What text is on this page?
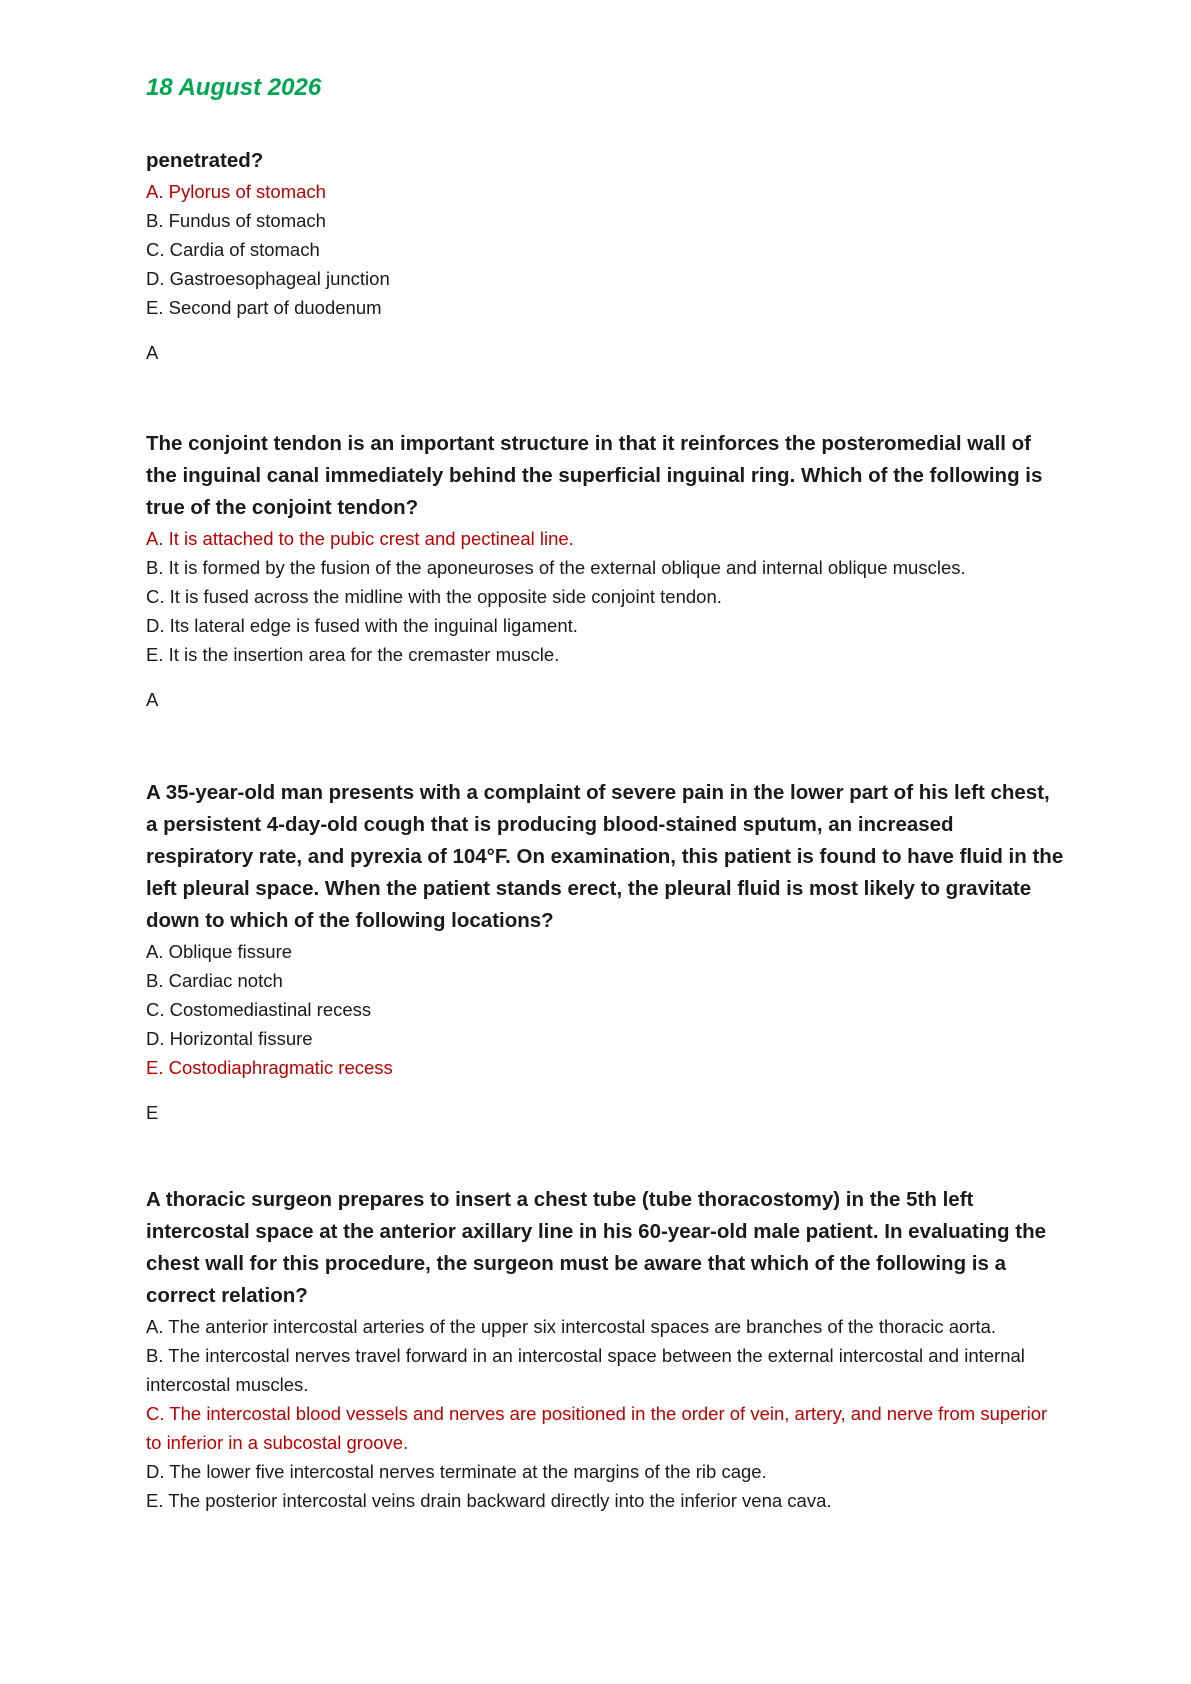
18 August 2026

penetrated?

A. Pylorus of stomach

B. Fundus of stomach

C. Cardia of stomach

D. Gastroesophageal junction

E. Second part of duodenum

A

The conjoint tendon is an important structure in that it reinforces the posteromedial wall of the inguinal canal immediately behind the superficial inguinal ring. Which of the following is true of the conjoint tendon?

A. It is attached to the pubic crest and pectineal line.

B. It is formed by the fusion of the aponeuroses of the external oblique and internal oblique muscles.

C. It is fused across the midline with the opposite side conjoint tendon.

D. Its lateral edge is fused with the inguinal ligament.

E. It is the insertion area for the cremaster muscle.

A

A 35-year-old man presents with a complaint of severe pain in the lower part of his left chest, a persistent 4-day-old cough that is producing blood-stained sputum, an increased respiratory rate, and pyrexia of 104°F. On examination, this patient is found to have fluid in the left pleural space. When the patient stands erect, the pleural fluid is most likely to gravitate down to which of the following locations?

A. Oblique fissure

B. Cardiac notch

C. Costomediastinal recess

D. Horizontal fissure

E. Costodiaphragmatic recess

E

A thoracic surgeon prepares to insert a chest tube (tube thoracostomy) in the 5th left intercostal space at the anterior axillary line in his 60-year-old male patient. In evaluating the chest wall for this procedure, the surgeon must be aware that which of the following is a correct relation?

A. The anterior intercostal arteries of the upper six intercostal spaces are branches of the thoracic aorta.

B. The intercostal nerves travel forward in an intercostal space between the external intercostal and internal intercostal muscles.

C. The intercostal blood vessels and nerves are positioned in the order of vein, artery, and nerve from superior to inferior in a subcostal groove.

D. The lower five intercostal nerves terminate at the margins of the rib cage.

E. The posterior intercostal veins drain backward directly into the inferior vena cava.
